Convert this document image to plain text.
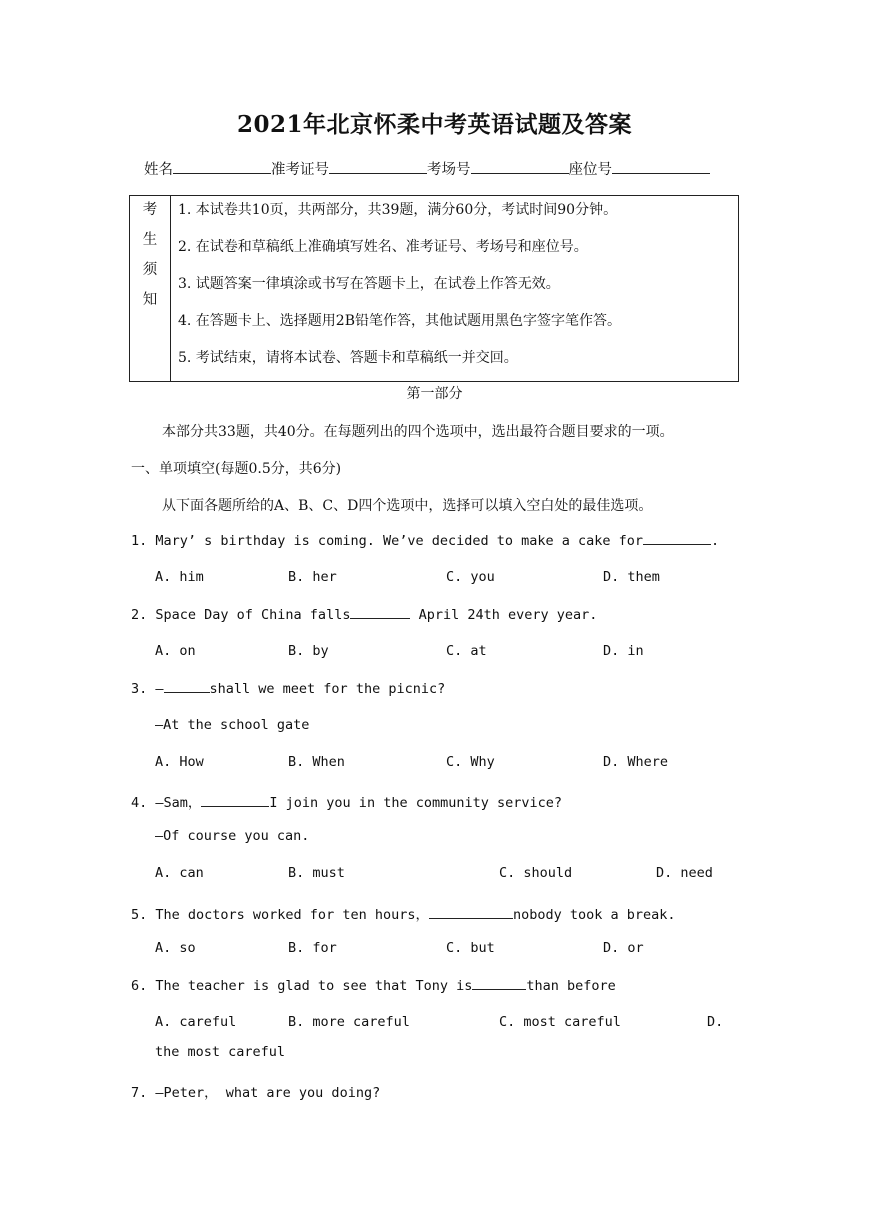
2021年北京怀柔中考英语试题及答案
姓名	准考证号	考场号	座位号
考
生
须
知
1. 本试卷共10页，共两部分，共39题，满分60分，考试时间90分钟。
2. 在试卷和草稿纸上准确填写姓名、准考证号、考场号和座位号。
3. 试题答案一律填涂或书写在答题卡上，在试卷上作答无效。
4. 在答题卡上、选择题用2B铅笔作答，其他试题用黑色字签字笔作答。
5. 考试结束，请将本试卷、答题卡和草稿纸一并交回。
第一部分
本部分共33题，共40分。在每题列出的四个选项中，选出最符合题目要求的一项。
一、单项填空(每题0.5分，共6分)
从下面各题所给的A、B、C、D四个选项中，选择可以填入空白处的最佳选项。
1. Mary’ s birthday is coming. We’ve decided to make a cake for	.
A. him	B. her	C. you	D. them
2. Space Day of China falls	April 24th every year.
A. on	B. by	C. at	D. in
3. —	shall we meet for the picnic?
—At the school gate
A. How	B. When	C. Why	D. Where
4. —Sam，	I join you in the community service?
—Of course you can.
A. can	B. must	C. should	D. need
5. The doctors worked for ten hours，	nobody took a break.
A. so	B. for	C. but	D. or
6. The teacher is glad to see that Tony is	than before
A. careful	B. more careful	C. most careful	D.
the most careful
7. —Peter， what are you doing?
